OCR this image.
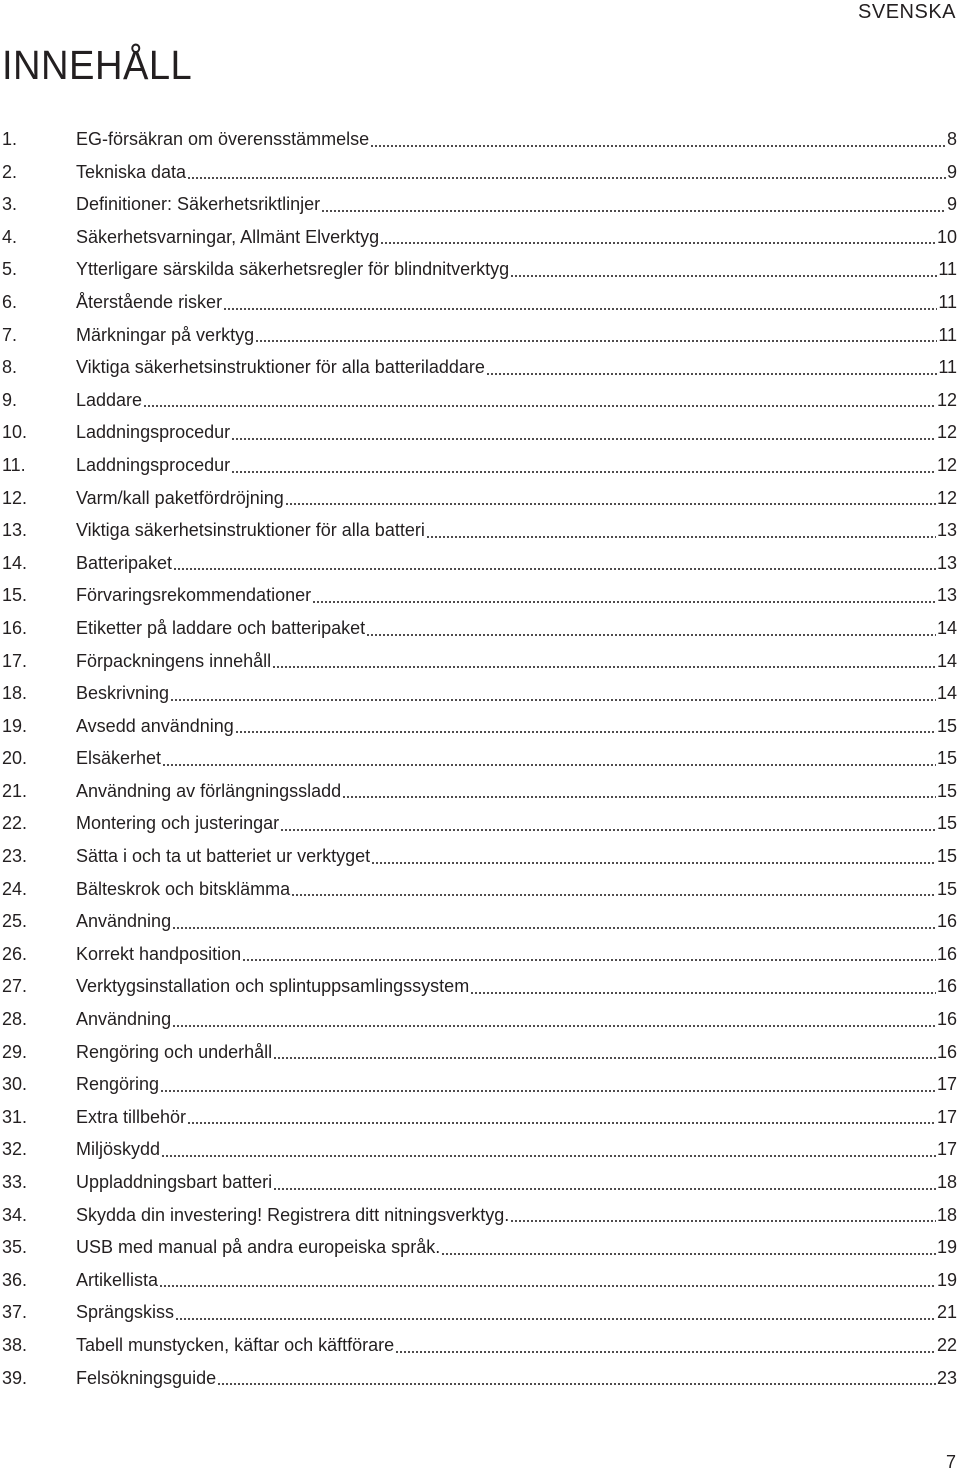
SVENSKA
INNEHÅLL
1.	EG-försäkran om överensstämmelse	8
2.	Tekniska data	9
3.	Definitioner: Säkerhetsriktlinjer	9
4.	Säkerhetsvarningar, Allmänt Elverktyg	10
5.	Ytterligare särskilda säkerhetsregler för blindnitverktyg	11
6.	Återstående risker	11
7.	Märkningar på verktyg	11
8.	Viktiga säkerhetsinstruktioner för alla batteriladdare	11
9.	Laddare	12
10.	Laddningsprocedur	12
11.	Laddningsprocedur	12
12.	Varm/kall paketfördröjning	12
13.	Viktiga säkerhetsinstruktioner för alla batteri	13
14.	Batteripaket	13
15.	Förvaringsrekommendationer	13
16.	Etiketter på laddare och batteripaket	14
17.	Förpackningens innehåll	14
18.	Beskrivning	14
19.	Avsedd användning	15
20.	Elsäkerhet	15
21.	Användning av förlängningssladd	15
22.	Montering och justeringar	15
23.	Sätta i och ta ut batteriet ur verktyget	15
24.	Bälteskrok och bitsklämma	15
25.	Användning	16
26.	Korrekt handposition	16
27.	Verktygsinstallation och splintuppsamlingssystem	16
28.	Användning	16
29.	Rengöring och underhåll	16
30.	Rengöring	17
31.	Extra tillbehör	17
32.	Miljöskydd	17
33.	Uppladdningsbart batteri	18
34.	Skydda din investering! Registrera ditt nitningsverktyg.	18
35.	USB med manual på andra europeiska språk.	19
36.	Artikellista	19
37.	Sprängskiss	21
38.	Tabell munstycken, käftar och käftförare	22
39.	Felsökningsguide	23
7
